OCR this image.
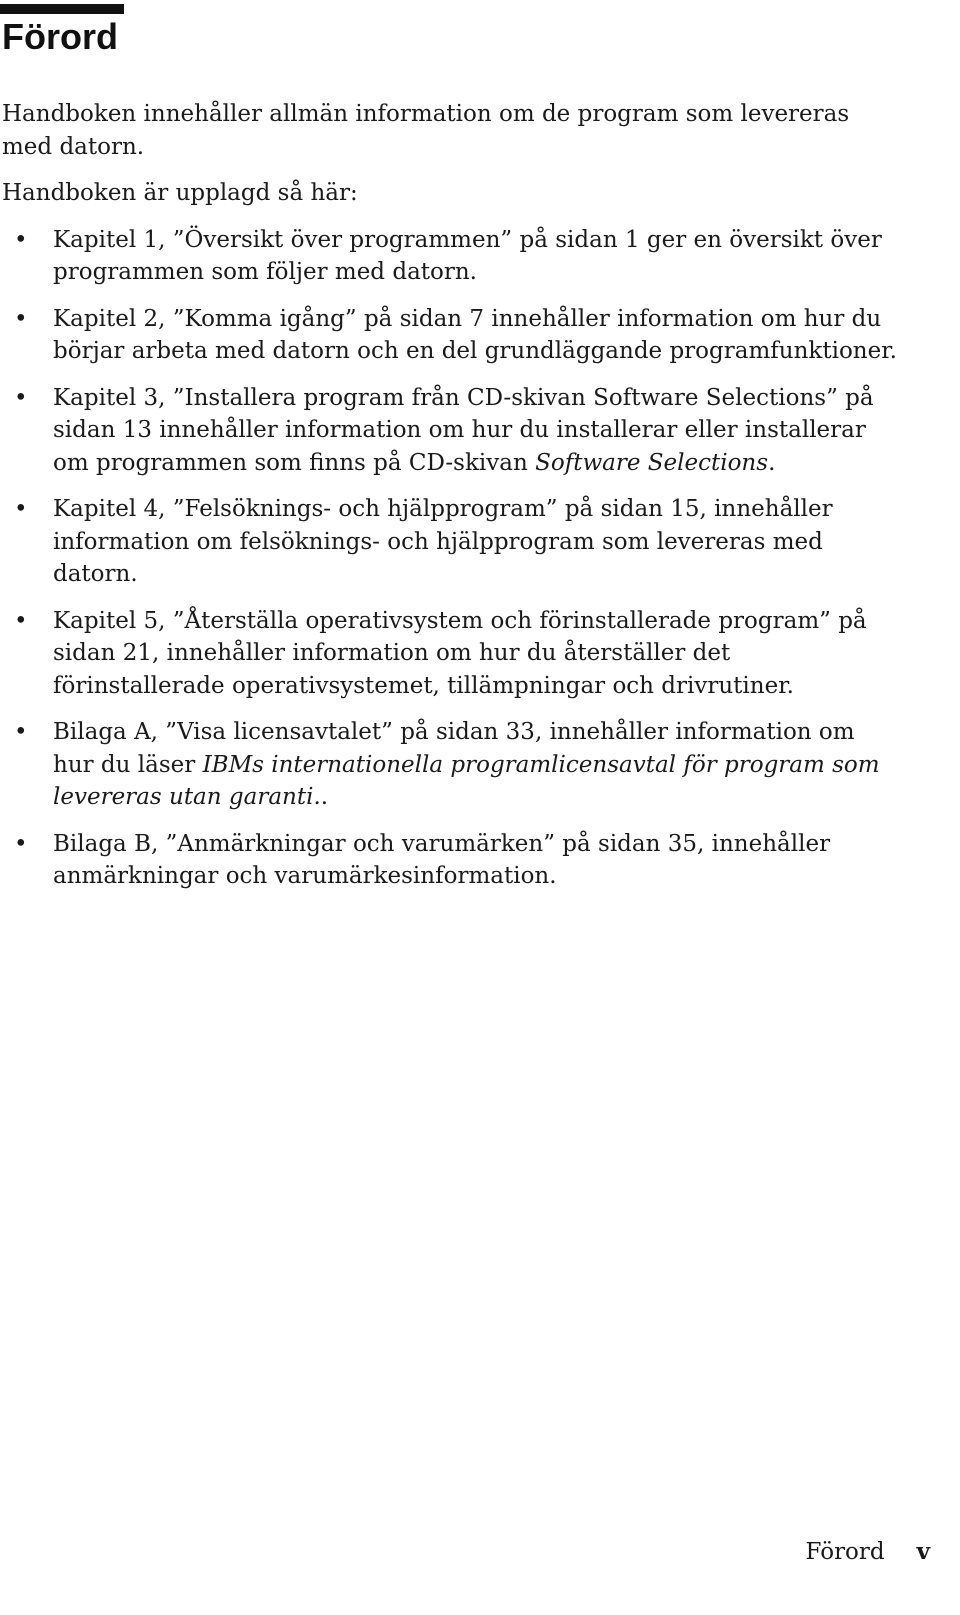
Förord

Handboken innehåller allmän information om de program som levereras med datorn.

Handboken är upplagd så här:

• Kapitel 1, ”Översikt över programmen” på sidan 1 ger en översikt över programmen som följer med datorn.
• Kapitel 2, ”Komma igång” på sidan 7 innehåller information om hur du börjar arbeta med datorn och en del grundläggande programfunktioner.
• Kapitel 3, ”Installera program från CD-skivan Software Selections” på sidan 13 innehåller information om hur du installerar eller installerar om programmen som finns på CD-skivan Software Selections.
• Kapitel 4, ”Felsöknings- och hjälpprogram” på sidan 15, innehåller information om felsöknings- och hjälpprogram som levereras med datorn.
• Kapitel 5, ”Återställa operativsystem och förinstallerade program” på sidan 21, innehåller information om hur du återställer det förinstallerade operativsystemet, tillämpningar och drivrutiner.
• Bilaga A, ”Visa licensavtalet” på sidan 33, innehåller information om hur du läser IBMs internationella programlicensavtal för program som levereras utan garanti..
• Bilaga B, ”Anmärkningar och varumärken” på sidan 35, innehåller anmärkningar och varumärkesinformation.
Förord v
